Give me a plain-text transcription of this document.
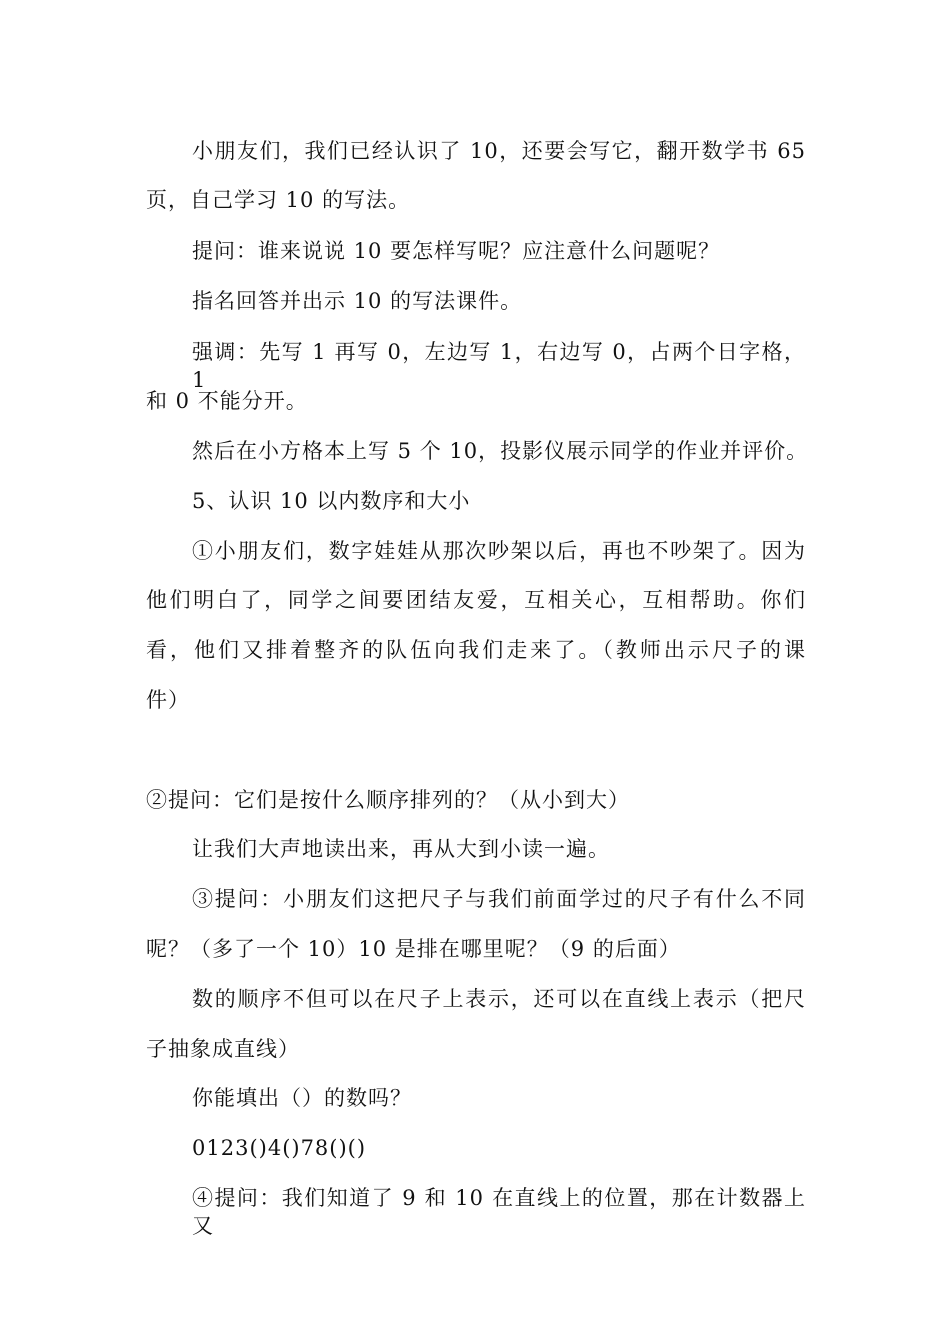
小朋友们，我们已经认识了 10，还要会写它，翻开数学书 65
页，自己学习 10 的写法。
提问：谁来说说 10 要怎样写呢？应注意什么问题呢？
指名回答并出示 10 的写法课件。
强调：先写 1 再写 0，左边写 1，右边写 0，占两个日字格，1
和 0 不能分开。
然后在小方格本上写 5 个 10，投影仪展示同学的作业并评价。
5、认识 10 以内数序和大小
①小朋友们，数字娃娃从那次吵架以后，再也不吵架了。因为
他们明白了，同学之间要团结友爱，互相关心，互相帮助。你们
看，他们又排着整齐的队伍向我们走来了。（教师出示尺子的课
件）
②提问：它们是按什么顺序排列的？（从小到大）
让我们大声地读出来，再从大到小读一遍。
③提问：小朋友们这把尺子与我们前面学过的尺子有什么不同
呢？（多了一个 10）10 是排在哪里呢？（9 的后面）
数的顺序不但可以在尺子上表示，还可以在直线上表示（把尺
子抽象成直线）
你能填出（）的数吗？
0123()4()78()()
④提问：我们知道了 9 和 10 在直线上的位置，那在计数器上又
